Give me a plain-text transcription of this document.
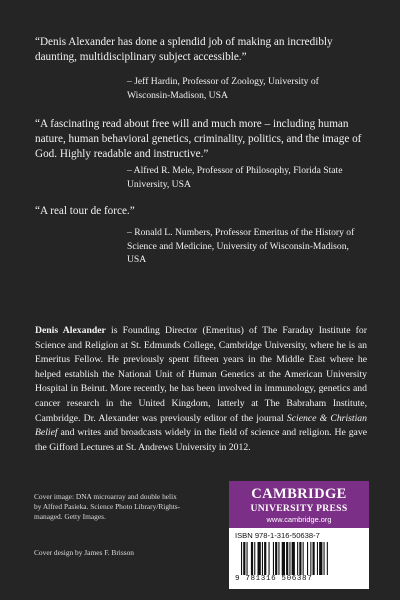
“Denis Alexander has done a splendid job of making an incredibly daunting, multidisciplinary subject accessible.”
– Jeff Hardin, Professor of Zoology, University of Wisconsin-Madison, USA
“A fascinating read about free will and much more – including human nature, human behavioral genetics, criminality, politics, and the image of God. Highly readable and instructive.”
– Alfred R. Mele, Professor of Philosophy, Florida State University, USA
“A real tour de force.”
– Ronald L. Numbers, Professor Emeritus of the History of Science and Medicine, University of Wisconsin-Madison, USA
Denis Alexander is Founding Director (Emeritus) of The Faraday Institute for Science and Religion at St. Edmunds College, Cambridge University, where he is an Emeritus Fellow. He previously spent fifteen years in the Middle East where he helped establish the National Unit of Human Genetics at the American University Hospital in Beirut. More recently, he has been involved in immunology, genetics and cancer research in the United Kingdom, latterly at The Babraham Institute, Cambridge. Dr. Alexander was previously editor of the journal Science & Christian Belief and writes and broadcasts widely in the field of science and religion. He gave the Gifford Lectures at St. Andrews University in 2012.
Cover image: DNA microarray and double helix by Alfred Pasieka. Science Photo Library/Rights-managed. Getty Images.
Cover design by James F. Brisson
CAMBRIDGE
UNIVERSITY PRESS
www.cambridge.org
ISBN 978-1-316-50638-7
9 781316 506387
